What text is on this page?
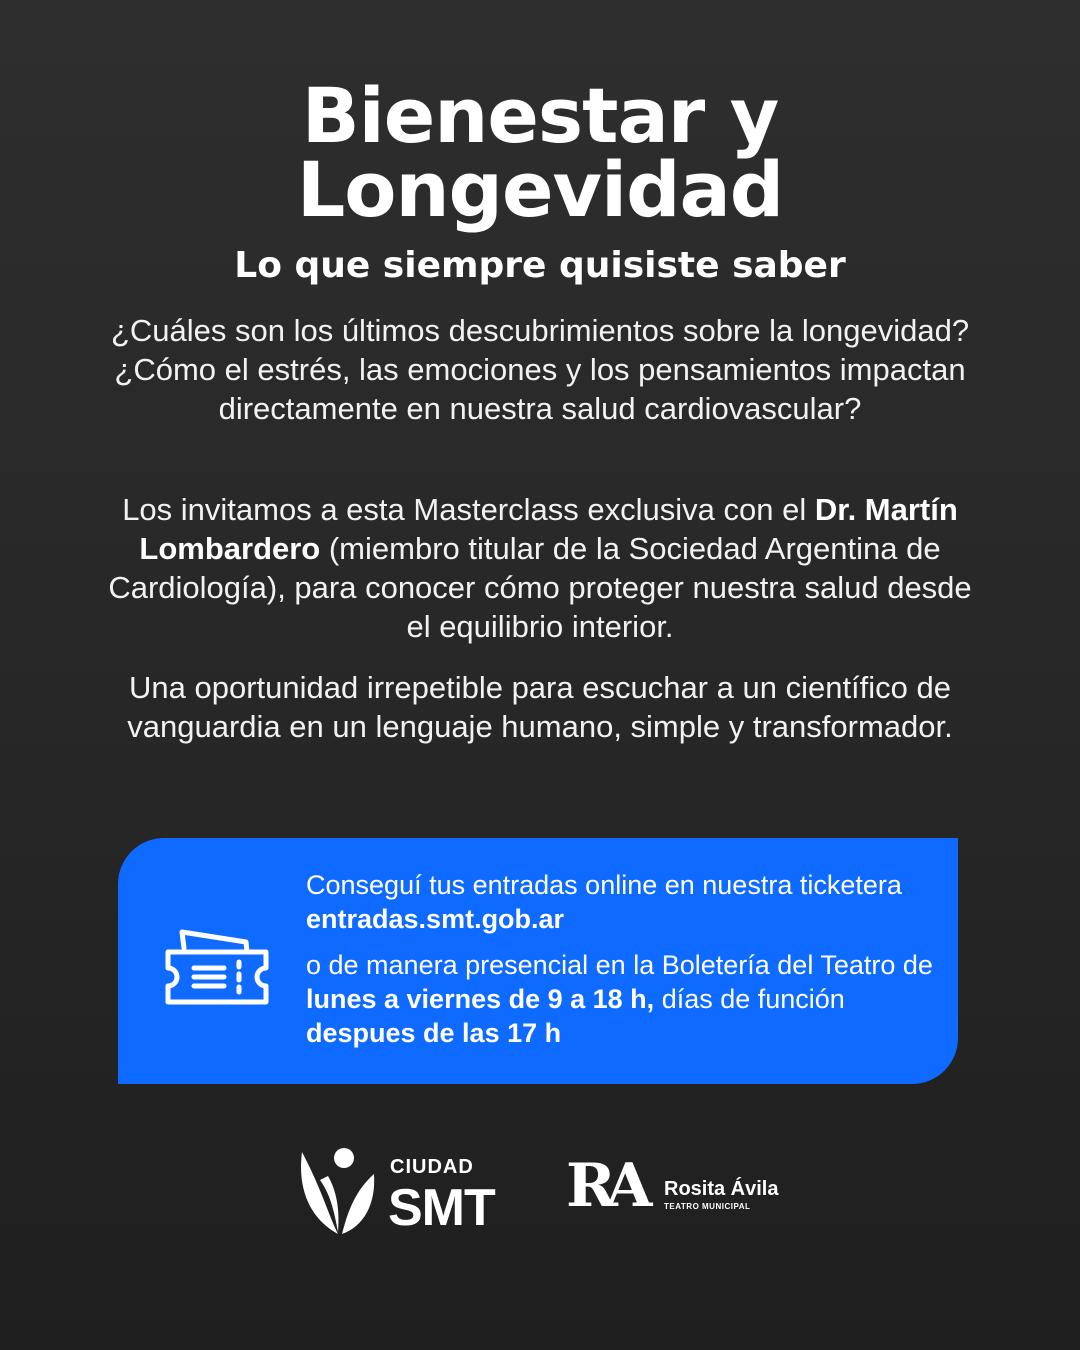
Bienestar y
Longevidad
Lo que siempre quisiste saber
¿Cuáles son los últimos descubrimientos sobre la longevidad?¿Cómo el estrés, las emociones y los pensamientos impactan directamente en nuestra salud cardiovascular?
Los invitamos a esta Masterclass exclusiva con el Dr. Martín Lombardero (miembro titular de la Sociedad Argentina de Cardiología), para conocer cómo proteger nuestra salud desde el equilibrio interior.
Una oportunidad irrepetible para escuchar a un científico de vanguardia en un lenguaje humano, simple y transformador.
Conseguí tus entradas online en nuestra ticketera entradas.smt.gob.ar
o de manera presencial en la Boletería del Teatro de lunes a viernes de 9 a 18 h, días de función despues de las 17 h
CIUDAD
SMT RA Rosita Ávila
TEATRO MUNICIPAL
